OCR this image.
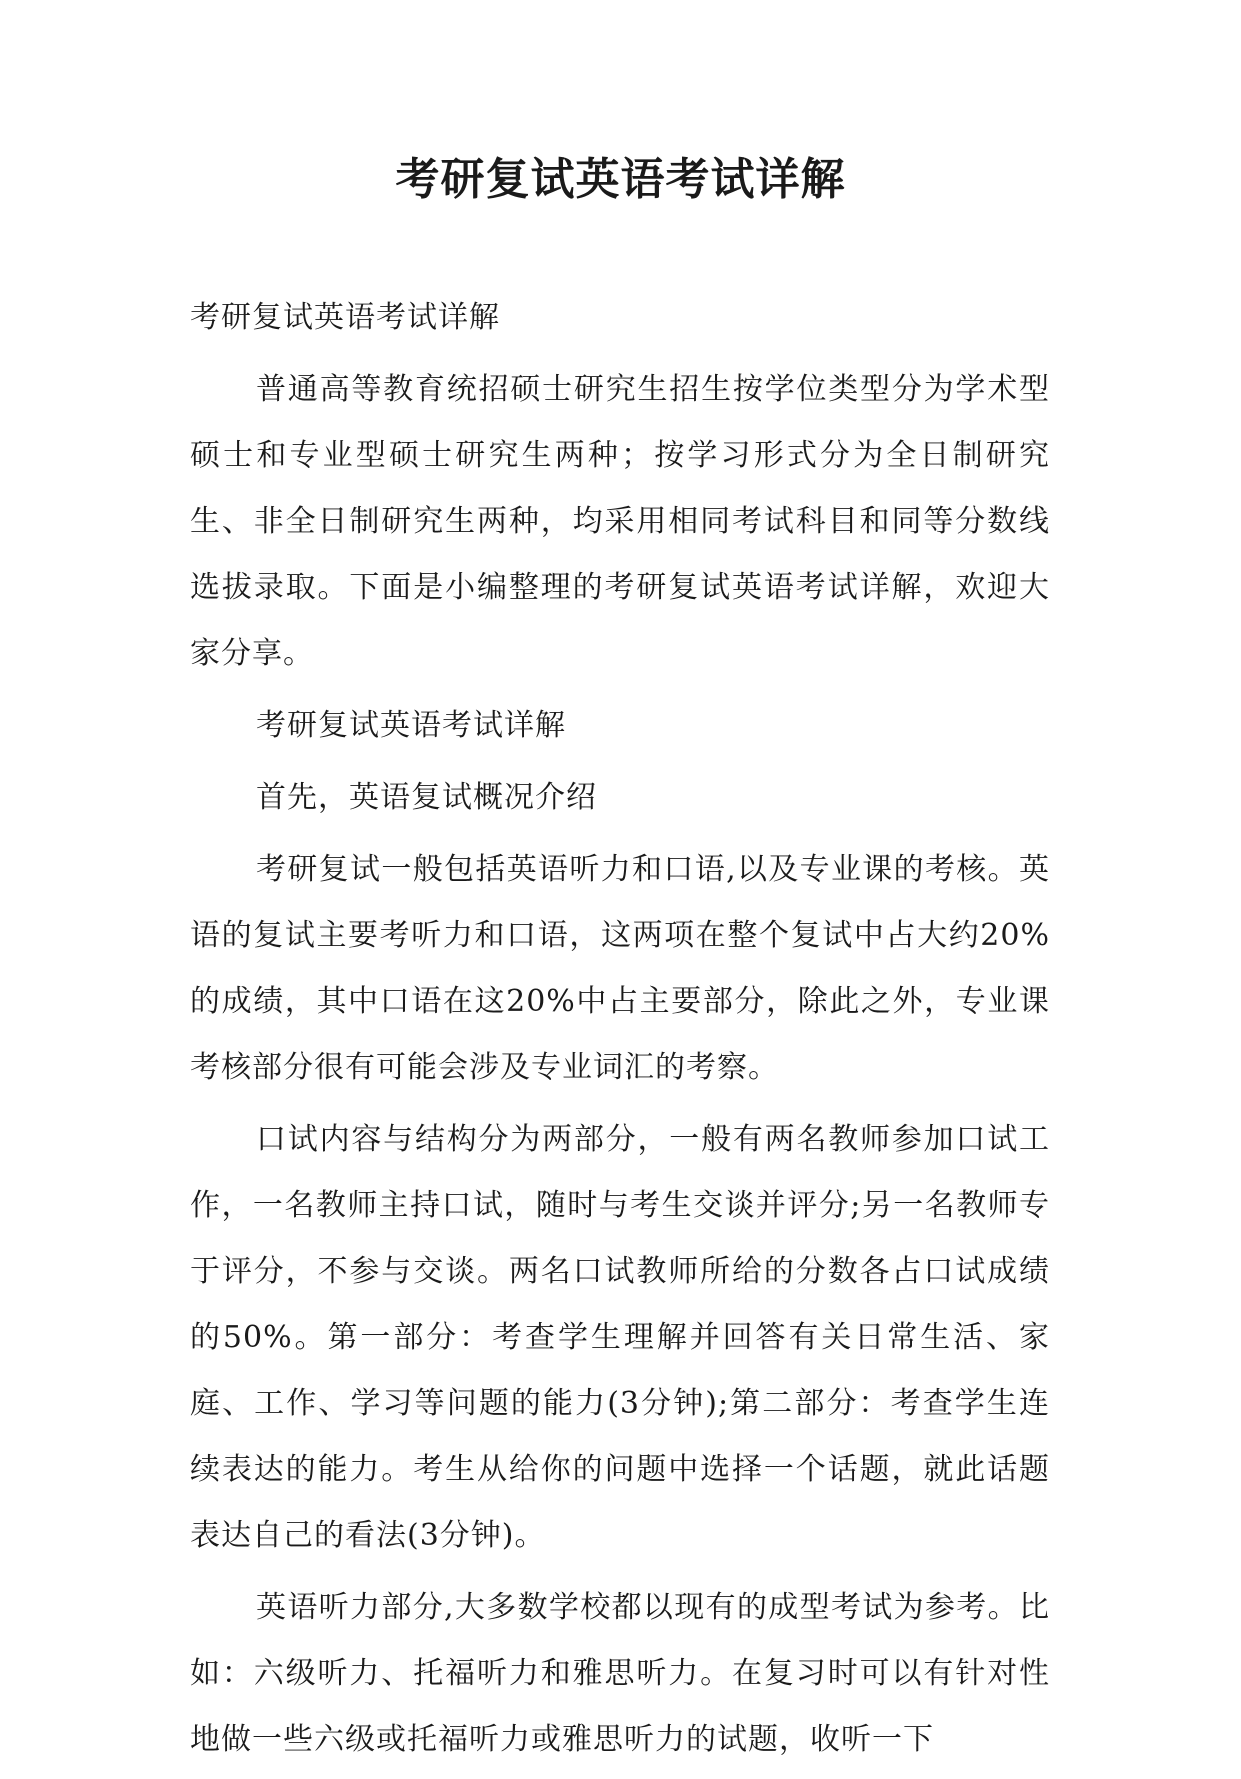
考研复试英语考试详解

考研复试英语考试详解

普通高等教育统招硕士研究生招生按学位类型分为学术型硕士和专业型硕士研究生两种；按学习形式分为全日制研究生、非全日制研究生两种，均采用相同考试科目和同等分数线选拔录取。下面是小编整理的考研复试英语考试详解，欢迎大家分享。

考研复试英语考试详解

首先，英语复试概况介绍

考研复试一般包括英语听力和口语,以及专业课的考核。英语的复试主要考听力和口语，这两项在整个复试中占大约20%的成绩，其中口语在这20%中占主要部分，除此之外，专业课考核部分很有可能会涉及专业词汇的考察。

口试内容与结构分为两部分，一般有两名教师参加口试工作，一名教师主持口试，随时与考生交谈并评分;另一名教师专于评分，不参与交谈。两名口试教师所给的分数各占口试成绩的50%。第一部分：考查学生理解并回答有关日常生活、家庭、工作、学习等问题的能力(3分钟);第二部分：考查学生连续表达的能力。考生从给你的问题中选择一个话题，就此话题表达自己的看法(3分钟)。

英语听力部分,大多数学校都以现有的成型考试为参考。比如：六级听力、托福听力和雅思听力。在复习时可以有针对性地做一些六级或托福听力或雅思听力的试题，收听一下
